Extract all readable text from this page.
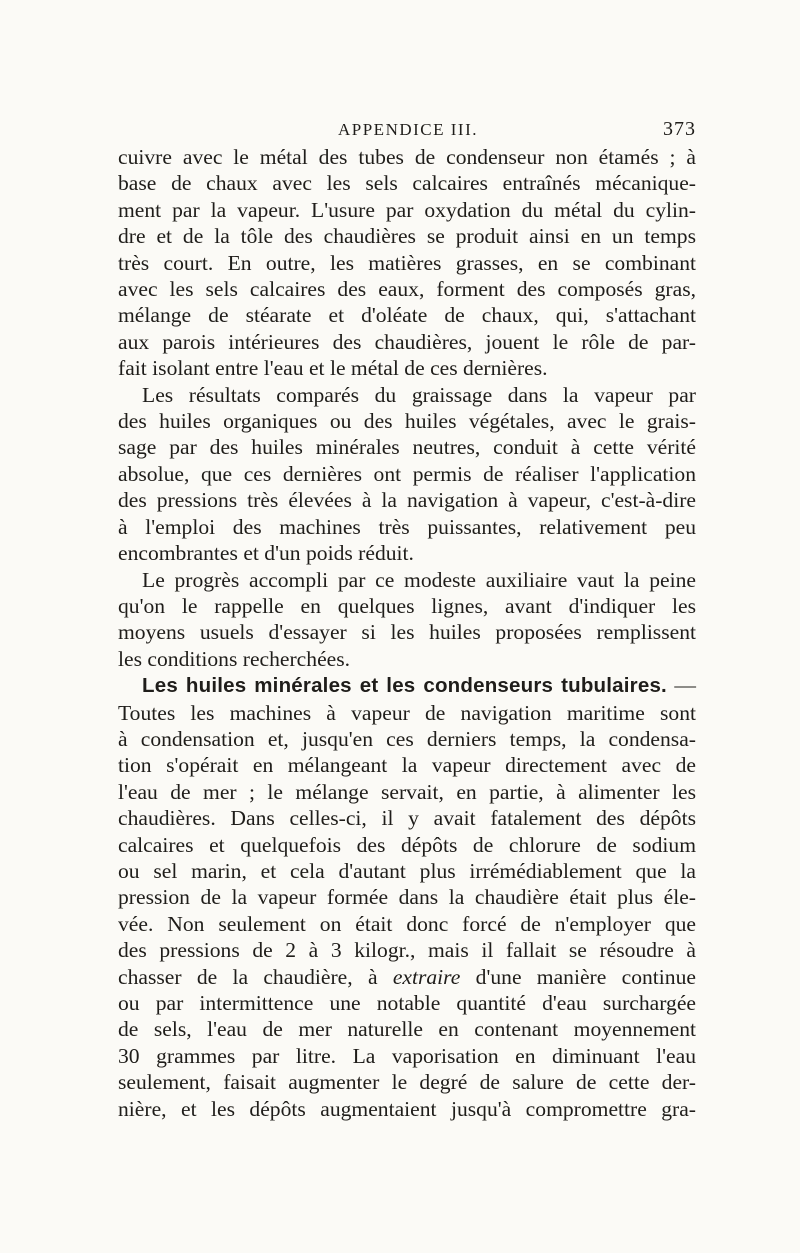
APPENDICE III.	373
cuivre avec le métal des tubes de condenseur non étamés ; à
base de chaux avec les sels calcaires entraînés mécanique-
ment par la vapeur. L'usure par oxydation du métal du cylin-
dre et de la tôle des chaudières se produit ainsi en un temps
très court. En outre, les matières grasses, en se combinant
avec les sels calcaires des eaux, forment des composés gras,
mélange de stéarate et d'oléate de chaux, qui, s'attachant
aux parois intérieures des chaudières, jouent le rôle de par-
fait isolant entre l'eau et le métal de ces dernières.
Les résultats comparés du graissage dans la vapeur par
des huiles organiques ou des huiles végétales, avec le grais-
sage par des huiles minérales neutres, conduit à cette vérité
absolue, que ces dernières ont permis de réaliser l'application
des pressions très élevées à la navigation à vapeur, c'est-à-dire
à l'emploi des machines très puissantes, relativement peu
encombrantes et d'un poids réduit.
Le progrès accompli par ce modeste auxiliaire vaut la peine
qu'on le rappelle en quelques lignes, avant d'indiquer les
moyens usuels d'essayer si les huiles proposées remplissent
les conditions recherchées.
Les huiles minérales et les condenseurs tubulaires. —
Toutes les machines à vapeur de navigation maritime sont
à condensation et, jusqu'en ces derniers temps, la condensa-
tion s'opérait en mélangeant la vapeur directement avec de
l'eau de mer ; le mélange servait, en partie, à alimenter les
chaudières. Dans celles-ci, il y avait fatalement des dépôts
calcaires et quelquefois des dépôts de chlorure de sodium
ou sel marin, et cela d'autant plus irrémédiablement que la
pression de la vapeur formée dans la chaudière était plus éle-
vée. Non seulement on était donc forcé de n'employer que
des pressions de 2 à 3 kilogr., mais il fallait se résoudre à
chasser de la chaudière, à extraire d'une manière continue
ou par intermittence une notable quantité d'eau surchargée
de sels, l'eau de mer naturelle en contenant moyennement
30 grammes par litre. La vaporisation en diminuant l'eau
seulement, faisait augmenter le degré de salure de cette der-
nière, et les dépôts augmentaient jusqu'à compromettre gra-
